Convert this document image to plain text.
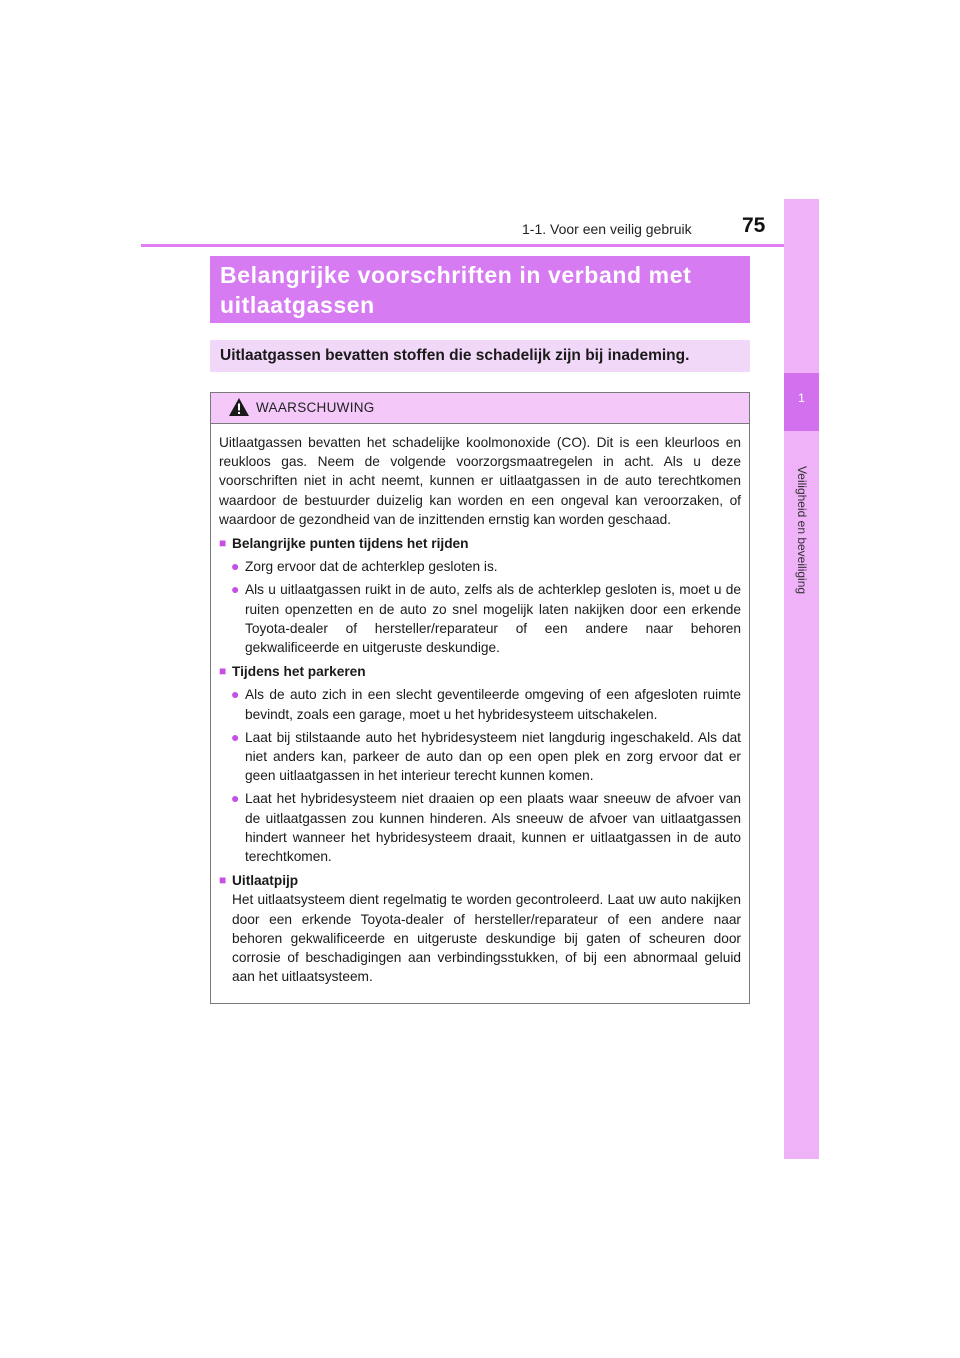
1-1. Voor een veilig gebruik 75
1
Veiligheid en beveiliging
Belangrijke voorschriften in verband met
uitlaatgassen
Uitlaatgassen bevatten stoffen die schadelijk zijn bij inademing.
WAARSCHUWING

Uitlaatgassen bevatten het schadelijke koolmonoxide (CO). Dit is een kleurloos en reukloos gas. Neem de volgende voorzorgsmaatregelen in acht. Als u deze voorschriften niet in acht neemt, kunnen er uitlaatgassen in de auto terechtkomen waardoor de bestuurder duizelig kan worden en een ongeval kan veroorzaken, of waardoor de gezondheid van de inzittenden ernstig kan worden geschaad.

■ Belangrijke punten tijdens het rijden
● Zorg ervoor dat de achterklep gesloten is.
● Als u uitlaatgassen ruikt in de auto, zelfs als de achterklep gesloten is, moet u de ruiten openzetten en de auto zo snel mogelijk laten nakijken door een erkende Toyota-dealer of hersteller/reparateur of een andere naar behoren gekwalificeerde en uitgeruste deskundige.
■ Tijdens het parkeren
● Als de auto zich in een slecht geventileerde omgeving of een afgesloten ruimte bevindt, zoals een garage, moet u het hybridesysteem uitschakelen.
● Laat bij stilstaande auto het hybridesysteem niet langdurig ingeschakeld. Als dat niet anders kan, parkeer de auto dan op een open plek en zorg ervoor dat er geen uitlaatgassen in het interieur terecht kunnen komen.
● Laat het hybridesysteem niet draaien op een plaats waar sneeuw de afvoer van de uitlaatgassen zou kunnen hinderen. Als sneeuw de afvoer van uitlaatgassen hindert wanneer het hybridesysteem draait, kunnen er uitlaatgassen in de auto terechtkomen.
■ Uitlaatpijp

Het uitlaatsysteem dient regelmatig te worden gecontroleerd. Laat uw auto nakijken door een erkende Toyota-dealer of hersteller/reparateur of een andere naar behoren gekwalificeerde en uitgeruste deskundige bij gaten of scheuren door corrosie of beschadigingen aan verbindingsstukken, of bij een abnormaal geluid aan het uitlaatsysteem.
